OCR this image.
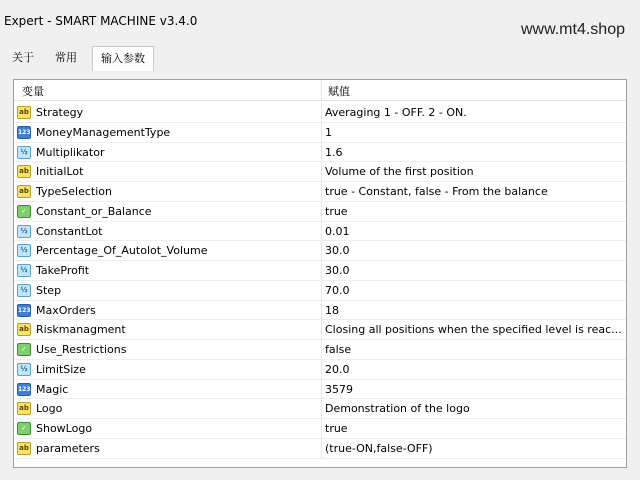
Expert - SMART MACHINE v3.4.0	www.mt4.shop
关于	常用	输入参数
变量	赋值
ab Strategy	Averaging 1 - OFF. 2 - ON.
123 MoneyManagementType	1
½ Multiplikator	1.6
ab InitialLot	Volume of the first position
ab TypeSelection	true - Constant, false - From the balance
✓ Constant_or_Balance	true
½ ConstantLot	0.01
½ Percentage_Of_Autolot_Volume	30.0
½ TakeProfit	30.0
½ Step	70.0
123 MaxOrders	18
ab Riskmanagment	Closing all positions when the specified level is reac...
✓ Use_Restrictions	false
½ LimitSize	20.0
123 Magic	3579
ab Logo	Demonstration of the logo
✓ ShowLogo	true
ab parameters	(true-ON,false-OFF)
